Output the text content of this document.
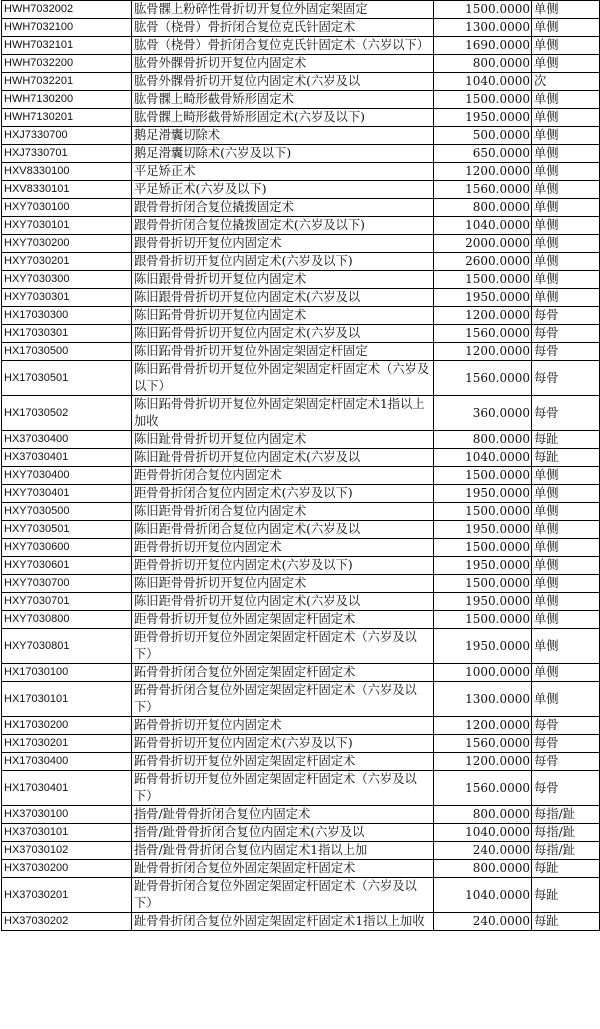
HWH7032002	肱骨髁上粉碎性骨折切开复位外固定架固定	1500.0000	单侧
HWH7032100	肱骨（桡骨）骨折闭合复位克氏针固定术	1300.0000	单侧
HWH7032101	肱骨（桡骨）骨折闭合复位克氏针固定术（六岁以下）	1690.0000	单侧
HWH7032200	肱骨外髁骨折切开复位内固定术	800.0000	单侧
HWH7032201	肱骨外髁骨折切开复位内固定术(六岁及以	1040.0000	次
HWH7130200	肱骨髁上畸形截骨矫形固定术	1500.0000	单侧
HWH7130201	肱骨髁上畸形截骨矫形固定术(六岁及以下)	1950.0000	单侧
HXJ7330700	鹅足滑囊切除术	500.0000	单侧
HXJ7330701	鹅足滑囊切除术(六岁及以下)	650.0000	单侧
HXV8330100	平足矫正术	1200.0000	单侧
HXV8330101	平足矫正术(六岁及以下)	1560.0000	单侧
HXY7030100	跟骨骨折闭合复位撬拨固定术	800.0000	单侧
HXY7030101	跟骨骨折闭合复位撬拨固定术(六岁及以下)	1040.0000	单侧
HXY7030200	跟骨骨折切开复位内固定术	2000.0000	单侧
HXY7030201	跟骨骨折切开复位内固定术(六岁及以下)	2600.0000	单侧
HXY7030300	陈旧跟骨骨折切开复位内固定术	1500.0000	单侧
HXY7030301	陈旧跟骨骨折切开复位内固定术(六岁及以	1950.0000	单侧
HX17030300	陈旧跖骨骨折切开复位内固定术	1200.0000	每骨
HX17030301	陈旧跖骨骨折切开复位内固定术(六岁及以	1560.0000	每骨
HX17030500	陈旧跖骨骨折切开复位外固定架固定杆固定	1200.0000	每骨
HX17030501	陈旧跖骨骨折切开复位外固定架固定杆固定术（六岁及以下）	1560.0000	每骨
HX17030502	陈旧跖骨骨折切开复位外固定架固定杆固定术1指以上加收	360.0000	每骨
HX37030400	陈旧趾骨骨折切开复位内固定术	800.0000	每趾
HX37030401	陈旧趾骨骨折切开复位内固定术(六岁及以	1040.0000	每趾
HXY7030400	距骨骨折闭合复位内固定术	1500.0000	单侧
HXY7030401	距骨骨折闭合复位内固定术(六岁及以下)	1950.0000	单侧
HXY7030500	陈旧距骨骨折闭合复位内固定术	1500.0000	单侧
HXY7030501	陈旧距骨骨折闭合复位内固定术(六岁及以	1950.0000	单侧
HXY7030600	距骨骨折切开复位内固定术	1500.0000	单侧
HXY7030601	距骨骨折切开复位内固定术(六岁及以下)	1950.0000	单侧
HXY7030700	陈旧距骨骨折切开复位内固定术	1500.0000	单侧
HXY7030701	陈旧距骨骨折切开复位内固定术(六岁及以	1950.0000	单侧
HXY7030800	距骨骨折切开复位外固定架固定杆固定术	1500.0000	单侧
HXY7030801	距骨骨折切开复位外固定架固定杆固定术（六岁及以下）	1950.0000	单侧
HX17030100	跖骨骨折闭合复位外固定架固定杆固定术	1000.0000	单侧
HX17030101	跖骨骨折闭合复位外固定架固定杆固定术（六岁及以下）	1300.0000	单侧
HX17030200	跖骨骨折切开复位内固定术	1200.0000	每骨
HX17030201	跖骨骨折切开复位内固定术(六岁及以下)	1560.0000	每骨
HX17030400	跖骨骨折切开复位外固定架固定杆固定术	1200.0000	每骨
HX17030401	跖骨骨折切开复位外固定架固定杆固定术（六岁及以下）	1560.0000	每骨
HX37030100	指骨/趾骨骨折闭合复位内固定术	800.0000	每指/趾
HX37030101	指骨/趾骨骨折闭合复位内固定术(六岁及以	1040.0000	每指/趾
HX37030102	指骨/趾骨骨折闭合复位内固定术1指以上加	240.0000	每指/趾
HX37030200	趾骨骨折闭合复位外固定架固定杆固定术	800.0000	每趾
HX37030201	趾骨骨折闭合复位外固定架固定杆固定术（六岁及以下）	1040.0000	每趾
HX37030202	趾骨骨折闭合复位外固定架固定杆固定术1指以上加收	240.0000	每趾
